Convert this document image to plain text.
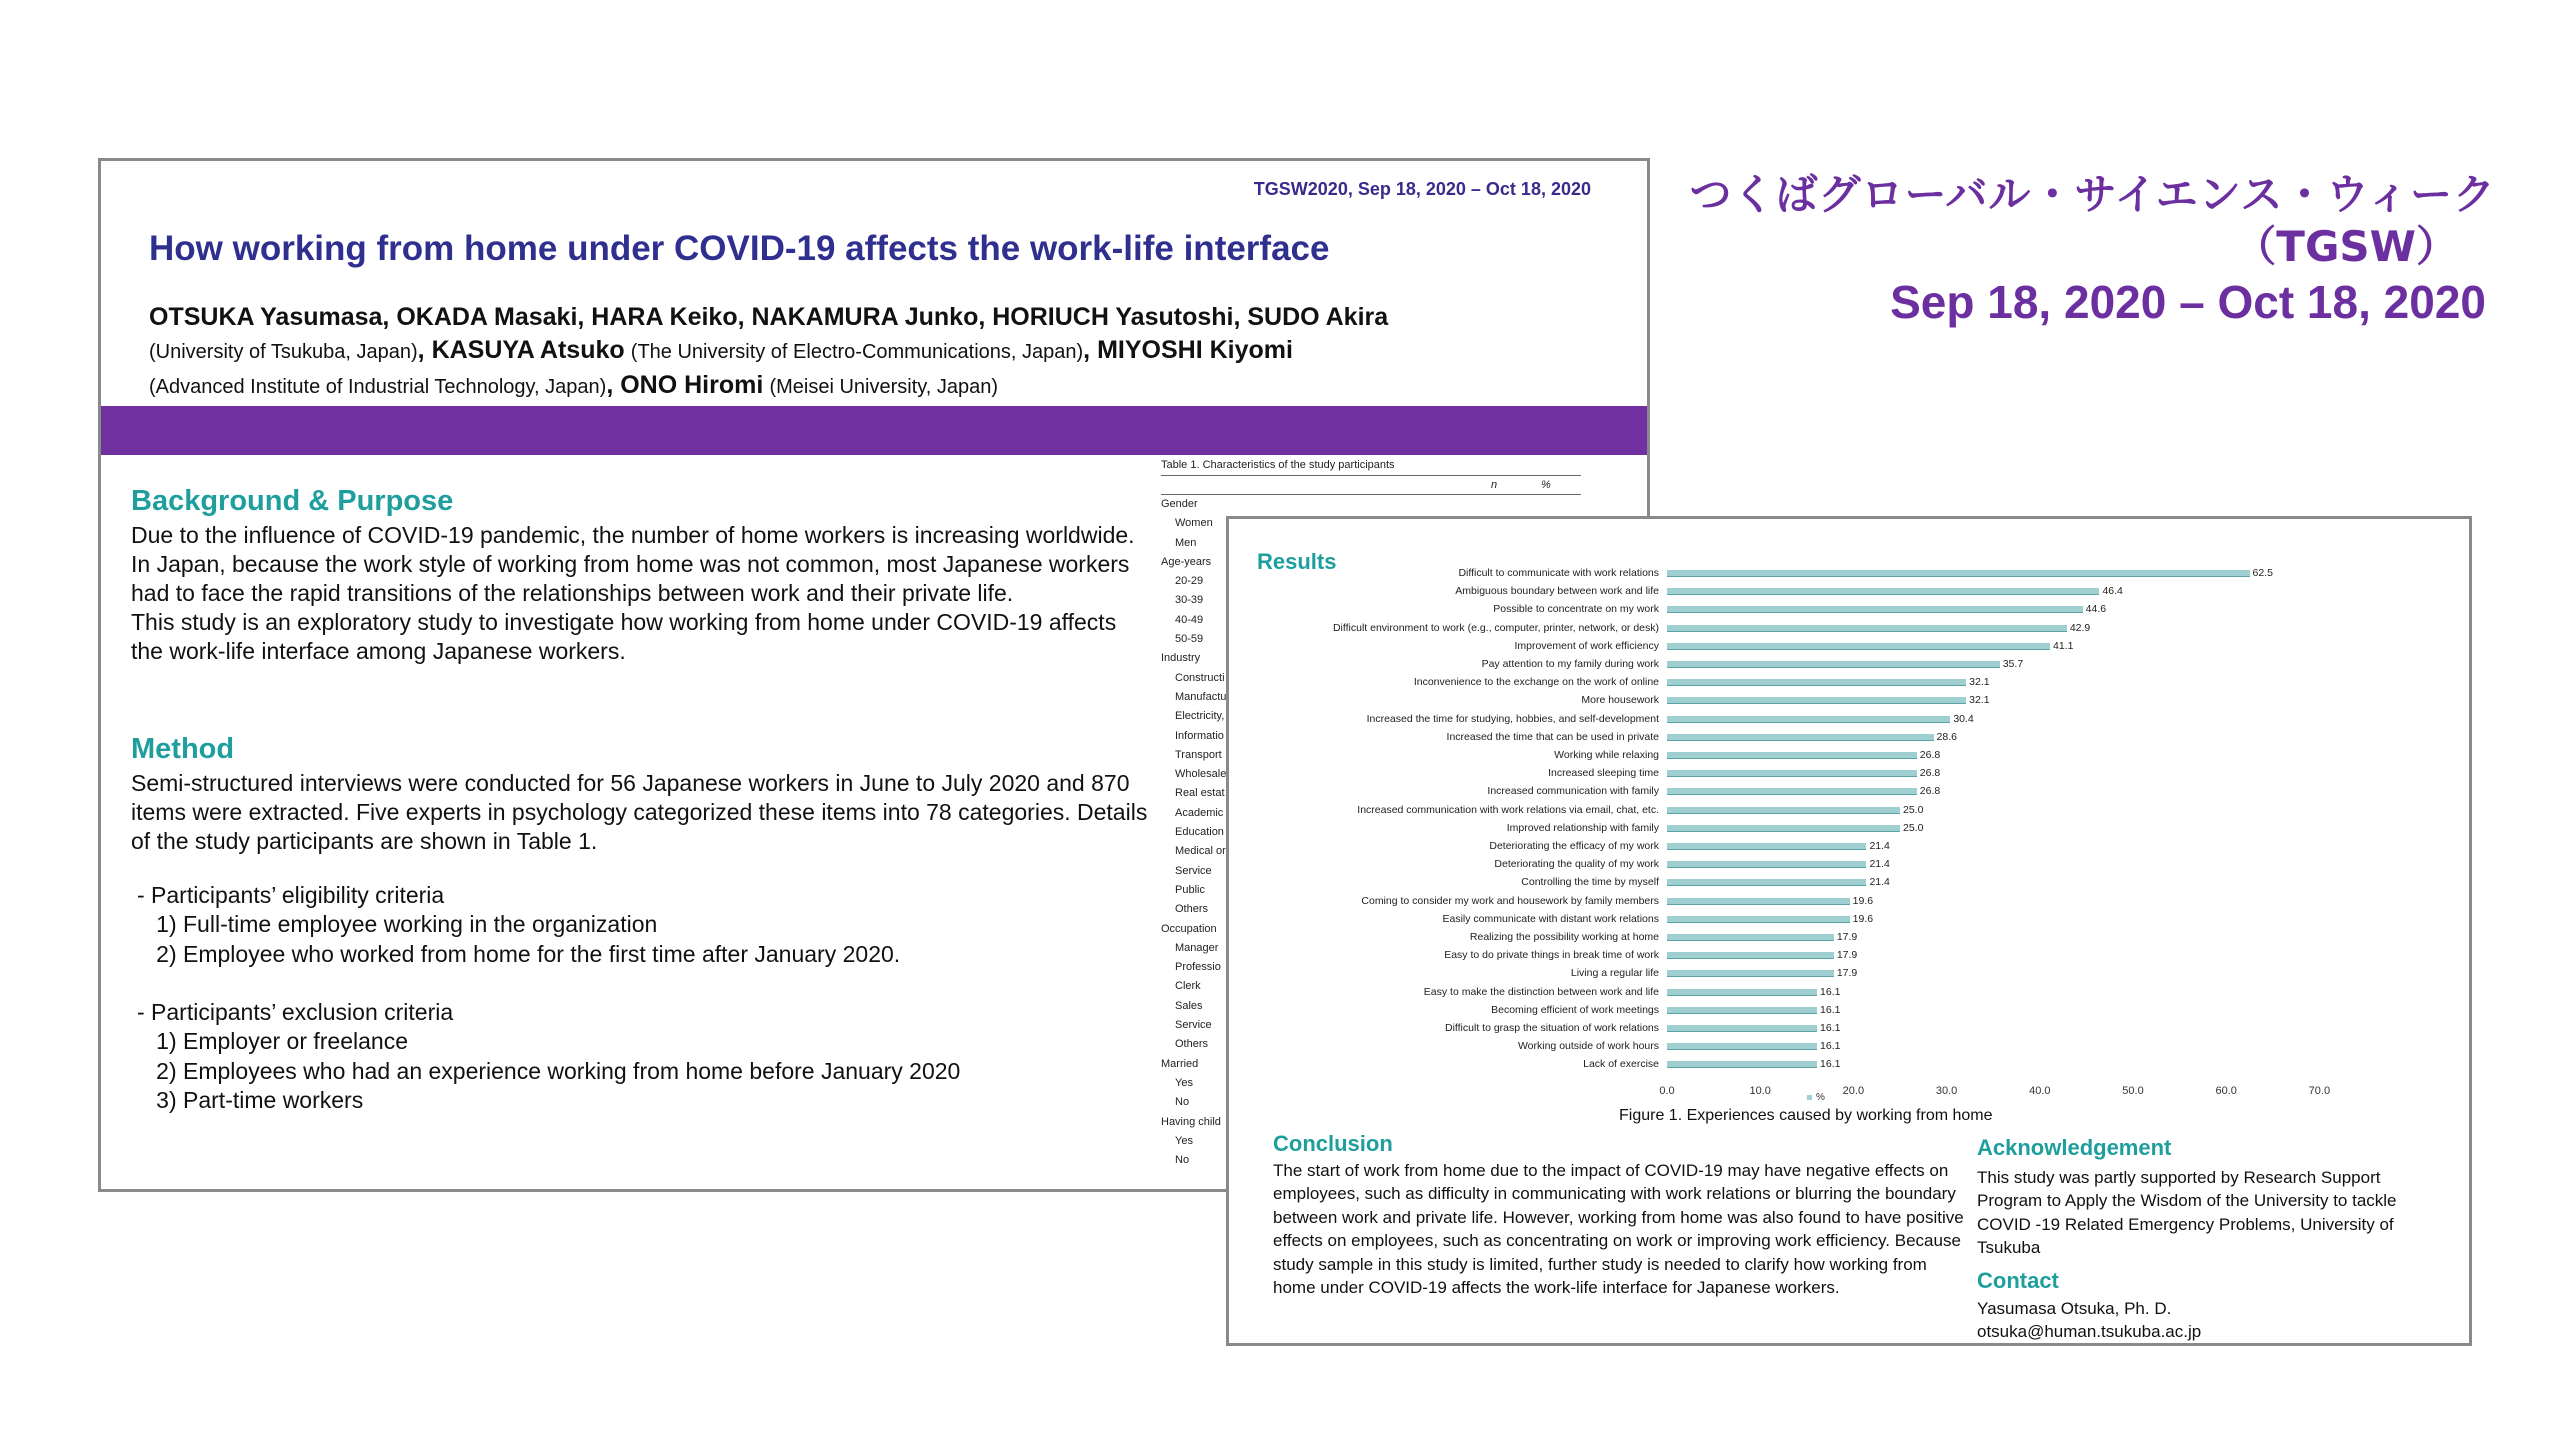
つくばグローバル・サイエンス・ウィーク
（TGSW）
Sep 18, 2020 – Oct 18, 2020
TGSW2020, Sep 18, 2020 – Oct 18, 2020
How working from home under COVID-19 affects the work-life interface
OTSUKA Yasumasa, OKADA Masaki, HARA Keiko, NAKAMURA Junko, HORIUCH Yasutoshi, SUDO Akira
(University of Tsukuba, Japan), KASUYA Atsuko (The University of Electro-Communications, Japan), MIYOSHI Kiyomi
(Advanced Institute of Industrial Technology, Japan), ONO Hiromi (Meisei University, Japan)
Background & Purpose
Due to the influence of COVID-19 pandemic, the number of home workers is increasing worldwide. In Japan, because the work style of working from home was not common, most Japanese workers had to face the rapid transitions of the relationships between work and their private life.
This study is an exploratory study to investigate how working from home under COVID-19 affects the work-life interface among Japanese workers.
Method
Semi-structured interviews were conducted for 56 Japanese workers in June to July 2020 and 870 items were extracted. Five experts in psychology categorized these items into 78 categories. Details of the study participants are shown in Table 1.
- Participants’ eligibility criteria
1) Full-time employee working in the organization
2) Employee who worked from home for the first time after January 2020.

- Participants’ exclusion criteria
1) Employer or freelance
2) Employees who had an experience working from home before January 2020
3) Part-time workers
Table 1. Characteristics of the study participants
n	%
Gender
Women
Men
Age-years
20-29
30-39
40-49
50-59
Industry
Constructi
Manufactu
Electricity,
Informatio
Transport
Wholesale
Real estat
Academic
Education
Medical or
Service
Public
Others
Occupation
Manager
Professio
Clerk
Sales
Service
Others
Married
Yes
No
Having child
Yes
No
Results	Difficult to communicate with work relations	62.5
Ambiguous boundary between work and life	46.4
Possible to concentrate on my work	44.6
Difficult environment to work (e.g., computer, printer, network, or desk)	42.9
Improvement of work efficiency	41.1
Pay attention to my family during work	35.7
Inconvenience to the exchange on the work of online	32.1
More housework	32.1
Increased the time for studying, hobbies, and self-development	30.4
Increased the time that can be used in private	28.6
Working while relaxing	26.8
Increased sleeping time	26.8
Increased communication with family	26.8
Increased communication with work relations via email, chat, etc.	25.0
Improved relationship with family	25.0
Deteriorating the efficacy of my work	21.4
Deteriorating the quality of my work	21.4
Controlling the time by myself	21.4
Coming to consider my work and housework by family members	19.6
Easily communicate with distant work relations	19.6
Realizing the possibility working at home	17.9
Easy to do private things in break time of work	17.9
Living a regular life	17.9
Easy to make the distinction between work and life	16.1
Becoming efficient of work meetings	16.1
Difficult to grasp the situation of work relations	16.1
Working outside of work hours	16.1
Lack of exercise	16.1
0.0	10.0	20.0	30.0	40.0	50.0	60.0	70.0
%
Figure 1. Experiences caused by working from home
Conclusion
The start of work from home due to the impact of COVID-19 may have negative effects on employees, such as difficulty in communicating with work relations or blurring the boundary between work and private life. However, working from home was also found to have positive effects on employees, such as concentrating on work or improving work efficiency. Because study sample in this study is limited, further study is needed to clarify how working from home under COVID-19 affects the work-life interface for Japanese workers.
Acknowledgement
This study was partly supported by Research Support Program to Apply the Wisdom of the University to tackle COVID -19 Related Emergency Problems, University of Tsukuba
Contact
Yasumasa Otsuka, Ph. D.
otsuka@human.tsukuba.ac.jp
